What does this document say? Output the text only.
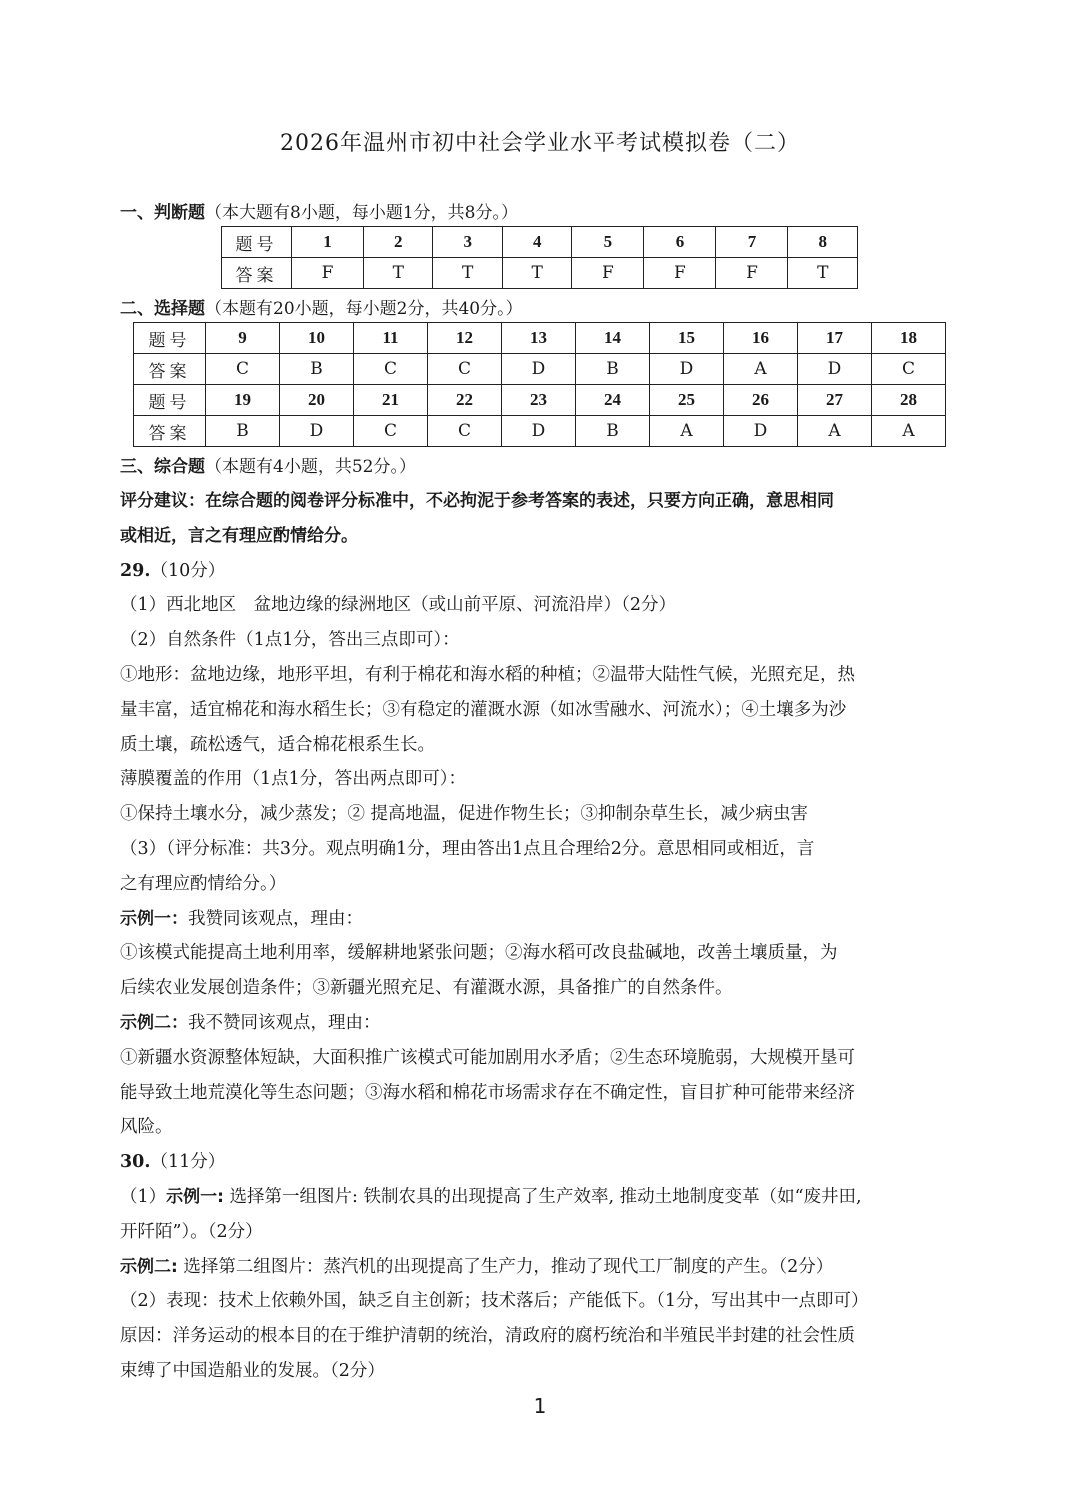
2026年温州市初中社会学业水平考试模拟卷（二）
一、判断题（本大题有8小题，每小题1分，共8分。）
题号	1	2	3	4	5	6	7	8
答案	F	T	T	T	F	F	F	T
二、选择题（本题有20小题，每小题2分，共40分。）
题号	9	10	11	12	13	14	15	16	17	18
答案	C	B	C	C	D	B	D	A	D	C
题号	19	20	21	22	23	24	25	26	27	28
答案	B	D	C	C	D	B	A	D	A	A
三、综合题（本题有4小题，共52分。）

评分建议：在综合题的阅卷评分标准中，不必拘泥于参考答案的表述，只要方向正确，意思相同

或相近，言之有理应酌情给分。

29.（10分）

（1）西北地区　盆地边缘的绿洲地区（或山前平原、河流沿岸）（2分）

（2）自然条件（1点1分，答出三点即可）：

①地形：盆地边缘，地形平坦，有利于棉花和海水稻的种植；②温带大陆性气候，光照充足，热

量丰富，适宜棉花和海水稻生长；③有稳定的灌溉水源（如冰雪融水、河流水）；④土壤多为沙

质土壤，疏松透气，适合棉花根系生长。

薄膜覆盖的作用（1点1分，答出两点即可）：

①保持土壤水分，减少蒸发；② 提高地温，促进作物生长；③抑制杂草生长，减少病虫害

（3）（评分标准：共3分。观点明确1分，理由答出1点且合理给2分。意思相同或相近，言

之有理应酌情给分。）

示例一：我赞同该观点，理由：

①该模式能提高土地利用率，缓解耕地紧张问题；②海水稻可改良盐碱地，改善土壤质量，为

后续农业发展创造条件；③新疆光照充足、有灌溉水源，具备推广的自然条件。

示例二：我不赞同该观点，理由：

①新疆水资源整体短缺，大面积推广该模式可能加剧用水矛盾；②生态环境脆弱，大规模开垦可

能导致土地荒漠化等生态问题；③海水稻和棉花市场需求存在不确定性，盲目扩种可能带来经济

风险。

30.（11分）

（1）示例一: 选择第一组图片: 铁制农具的出现提高了生产效率, 推动土地制度变革（如“废井田,

开阡陌”）。（2分）

示例二: 选择第二组图片：蒸汽机的出现提高了生产力，推动了现代工厂制度的产生。（2分）

（2）表现：技术上依赖外国，缺乏自主创新；技术落后；产能低下。（1分，写出其中一点即可）

原因：洋务运动的根本目的在于维护清朝的统治，清政府的腐朽统治和半殖民半封建的社会性质

束缚了中国造船业的发展。（2分）

1
